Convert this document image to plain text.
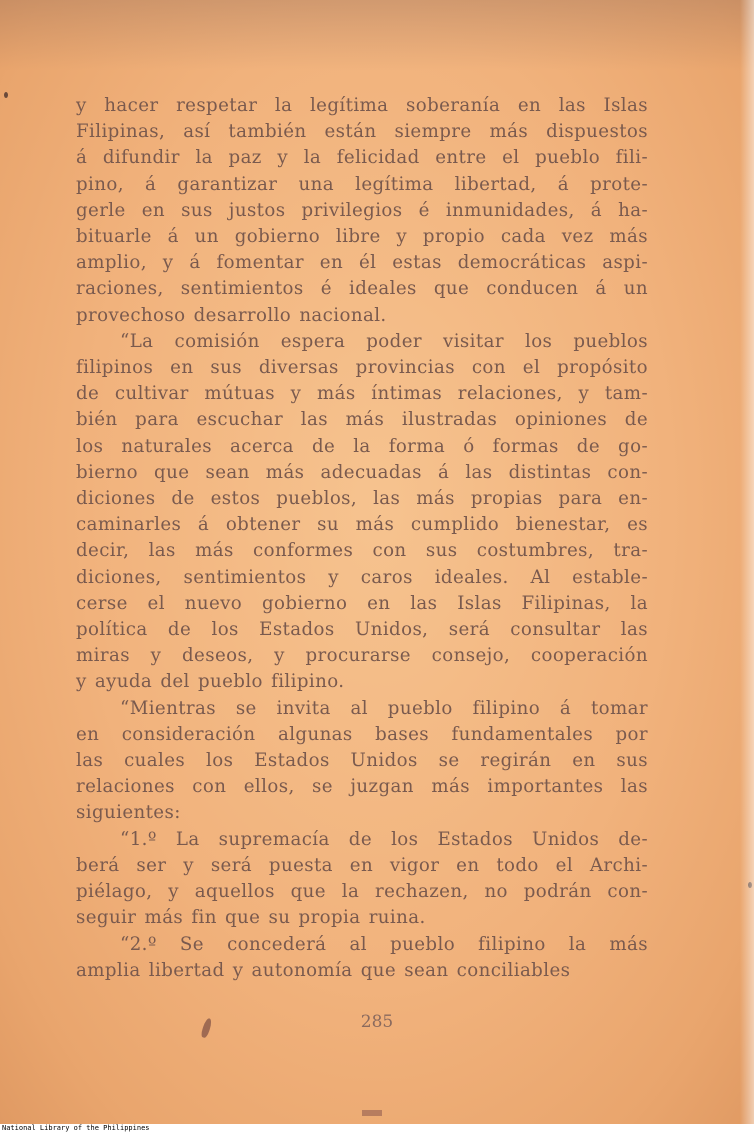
y hacer respetar la legítima soberanía en las Islas

Filipinas, así también están siempre más dispuestos

á difundir la paz y la felicidad entre el pueblo fili-

pino, á garantizar una legítima libertad, á prote-

gerle en sus justos privilegios é inmunidades, á ha-

bituarle á un gobierno libre y propio cada vez más

amplio, y á fomentar en él estas democráticas aspi-

raciones, sentimientos é ideales que conducen á un

provechoso desarrollo nacional.

“La comisión espera poder visitar los pueblos

filipinos en sus diversas provincias con el propósito

de cultivar mútuas y más íntimas relaciones, y tam-

bién para escuchar las más ilustradas opiniones de

los naturales acerca de la forma ó formas de go-

bierno que sean más adecuadas á las distintas con-

diciones de estos pueblos, las más propias para en-

caminarles á obtener su más cumplido bienestar, es

decir, las más conformes con sus costumbres, tra-

diciones, sentimientos y caros ideales. Al estable-

cerse el nuevo gobierno en las Islas Filipinas, la

política de los Estados Unidos, será consultar las

miras y deseos, y procurarse consejo, cooperación

y ayuda del pueblo filipino.

“Mientras se invita al pueblo filipino á tomar

en consideración algunas bases fundamentales por

las cuales los Estados Unidos se regirán en sus

relaciones con ellos, se juzgan más importantes las

siguientes:

“1.º La supremacía de los Estados Unidos de-

berá ser y será puesta en vigor en todo el Archi-

piélago, y aquellos que la rechazen, no podrán con-

seguir más fin que su propia ruina.

“2.º Se concederá al pueblo filipino la más

amplia libertad y autonomía que sean conciliables

285
National Library of the Philippines
